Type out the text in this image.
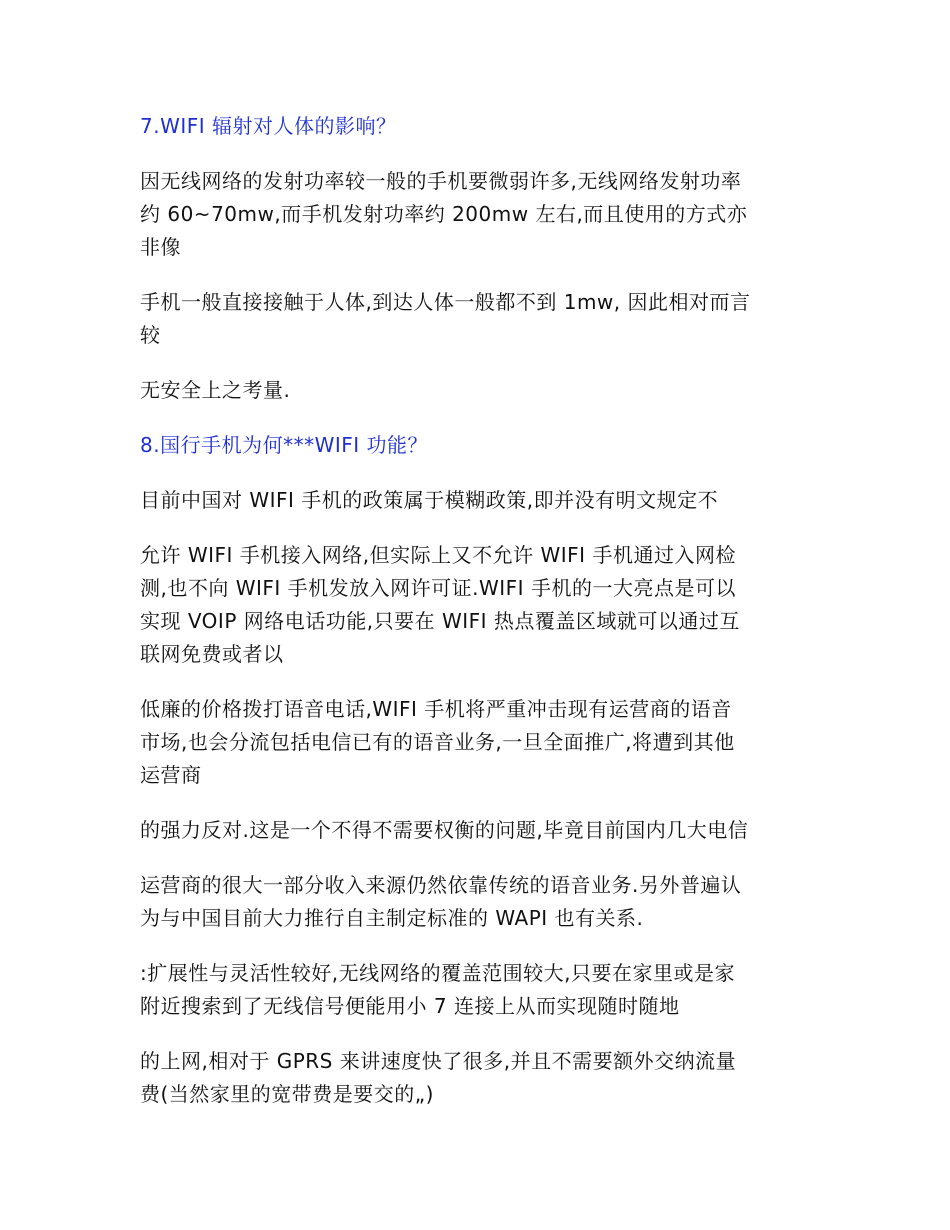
7.WIFI 辐射对人体的影响？
因无线网络的发射功率较一般的手机要微弱许多,无线网络发射功率
约 60~70mw,而手机发射功率约 200mw 左右,而且使用的方式亦
非像
手机一般直接接触于人体,到达人体一般都不到 1mw, 因此相对而言
较
无安全上之考量.
8.国行手机为何***WIFI 功能？
目前中国对 WIFI 手机的政策属于模糊政策,即并没有明文规定不
允许 WIFI 手机接入网络,但实际上又不允许 WIFI 手机通过入网检
测,也不向 WIFI 手机发放入网许可证.WIFI 手机的一大亮点是可以
实现 VOIP 网络电话功能,只要在 WIFI 热点覆盖区域就可以通过互
联网免费或者以
低廉的价格拨打语音电话,WIFI 手机将严重冲击现有运营商的语音
市场,也会分流包括电信已有的语音业务,一旦全面推广,将遭到其他
运营商
的强力反对.这是一个不得不需要权衡的问题,毕竟目前国内几大电信
运营商的很大一部分收入来源仍然依靠传统的语音业务.另外普遍认
为与中国目前大力推行自主制定标准的 WAPI 也有关系.
:扩展性与灵活性较好,无线网络的覆盖范围较大,只要在家里或是家
附近搜索到了无线信号便能用小 7 连接上从而实现随时随地
的上网,相对于 GPRS 来讲速度快了很多,并且不需要额外交纳流量
费(当然家里的宽带费是要交的„)
